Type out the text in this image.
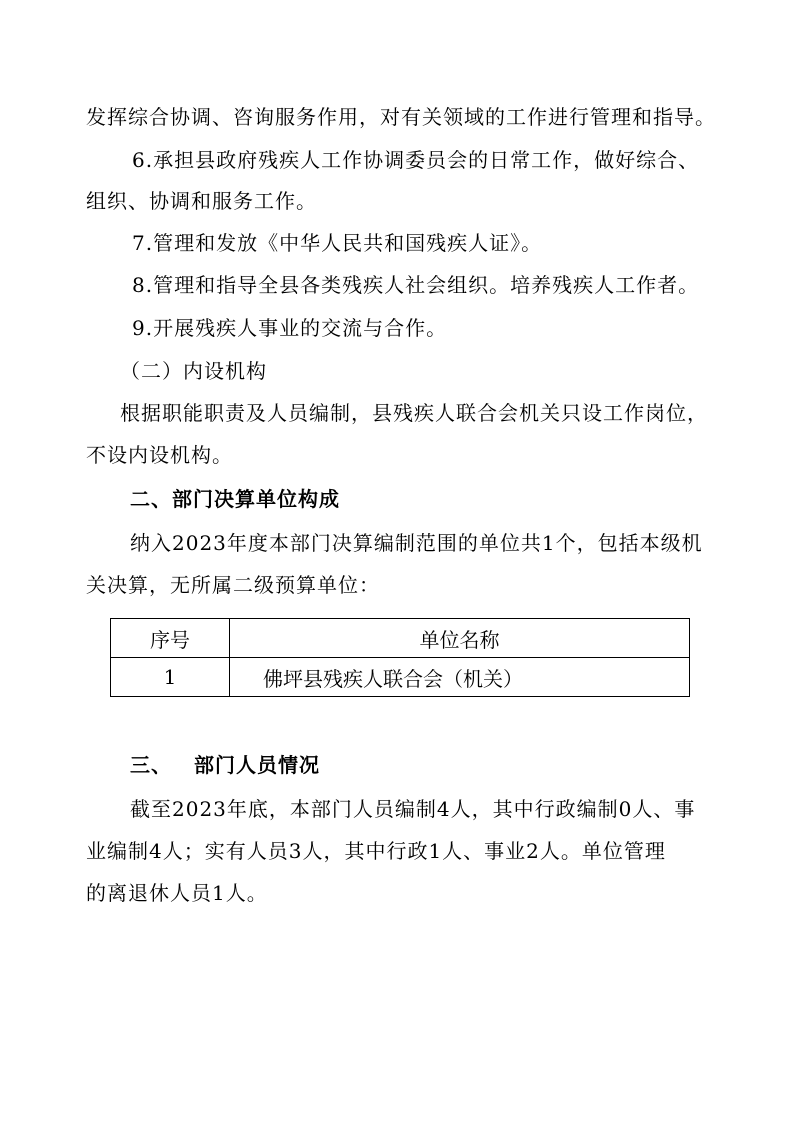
发挥综合协调、咨询服务作用，对有关领域的工作进行管理和指导。
6.承担县政府残疾人工作协调委员会的日常工作，做好综合、
组织、协调和服务工作。
7.管理和发放《中华人民共和国残疾人证》。
8.管理和指导全县各类残疾人社会组织。培养残疾人工作者。
9.开展残疾人事业的交流与合作。
（二）内设机构
根据职能职责及人员编制，县残疾人联合会机关只设工作岗位，
不设内设机构。
二、部门决算单位构成
纳入2023年度本部门决算编制范围的单位共1个，包括本级机
关决算，无所属二级预算单位：
序号	单位名称
1	佛坪县残疾人联合会（机关）
三、 部门人员情况
截至2023年底，本部门人员编制4人，其中行政编制0人、事
业编制4人；实有人员3人，其中行政1人、事业2人。单位管理
的离退休人员1人。
